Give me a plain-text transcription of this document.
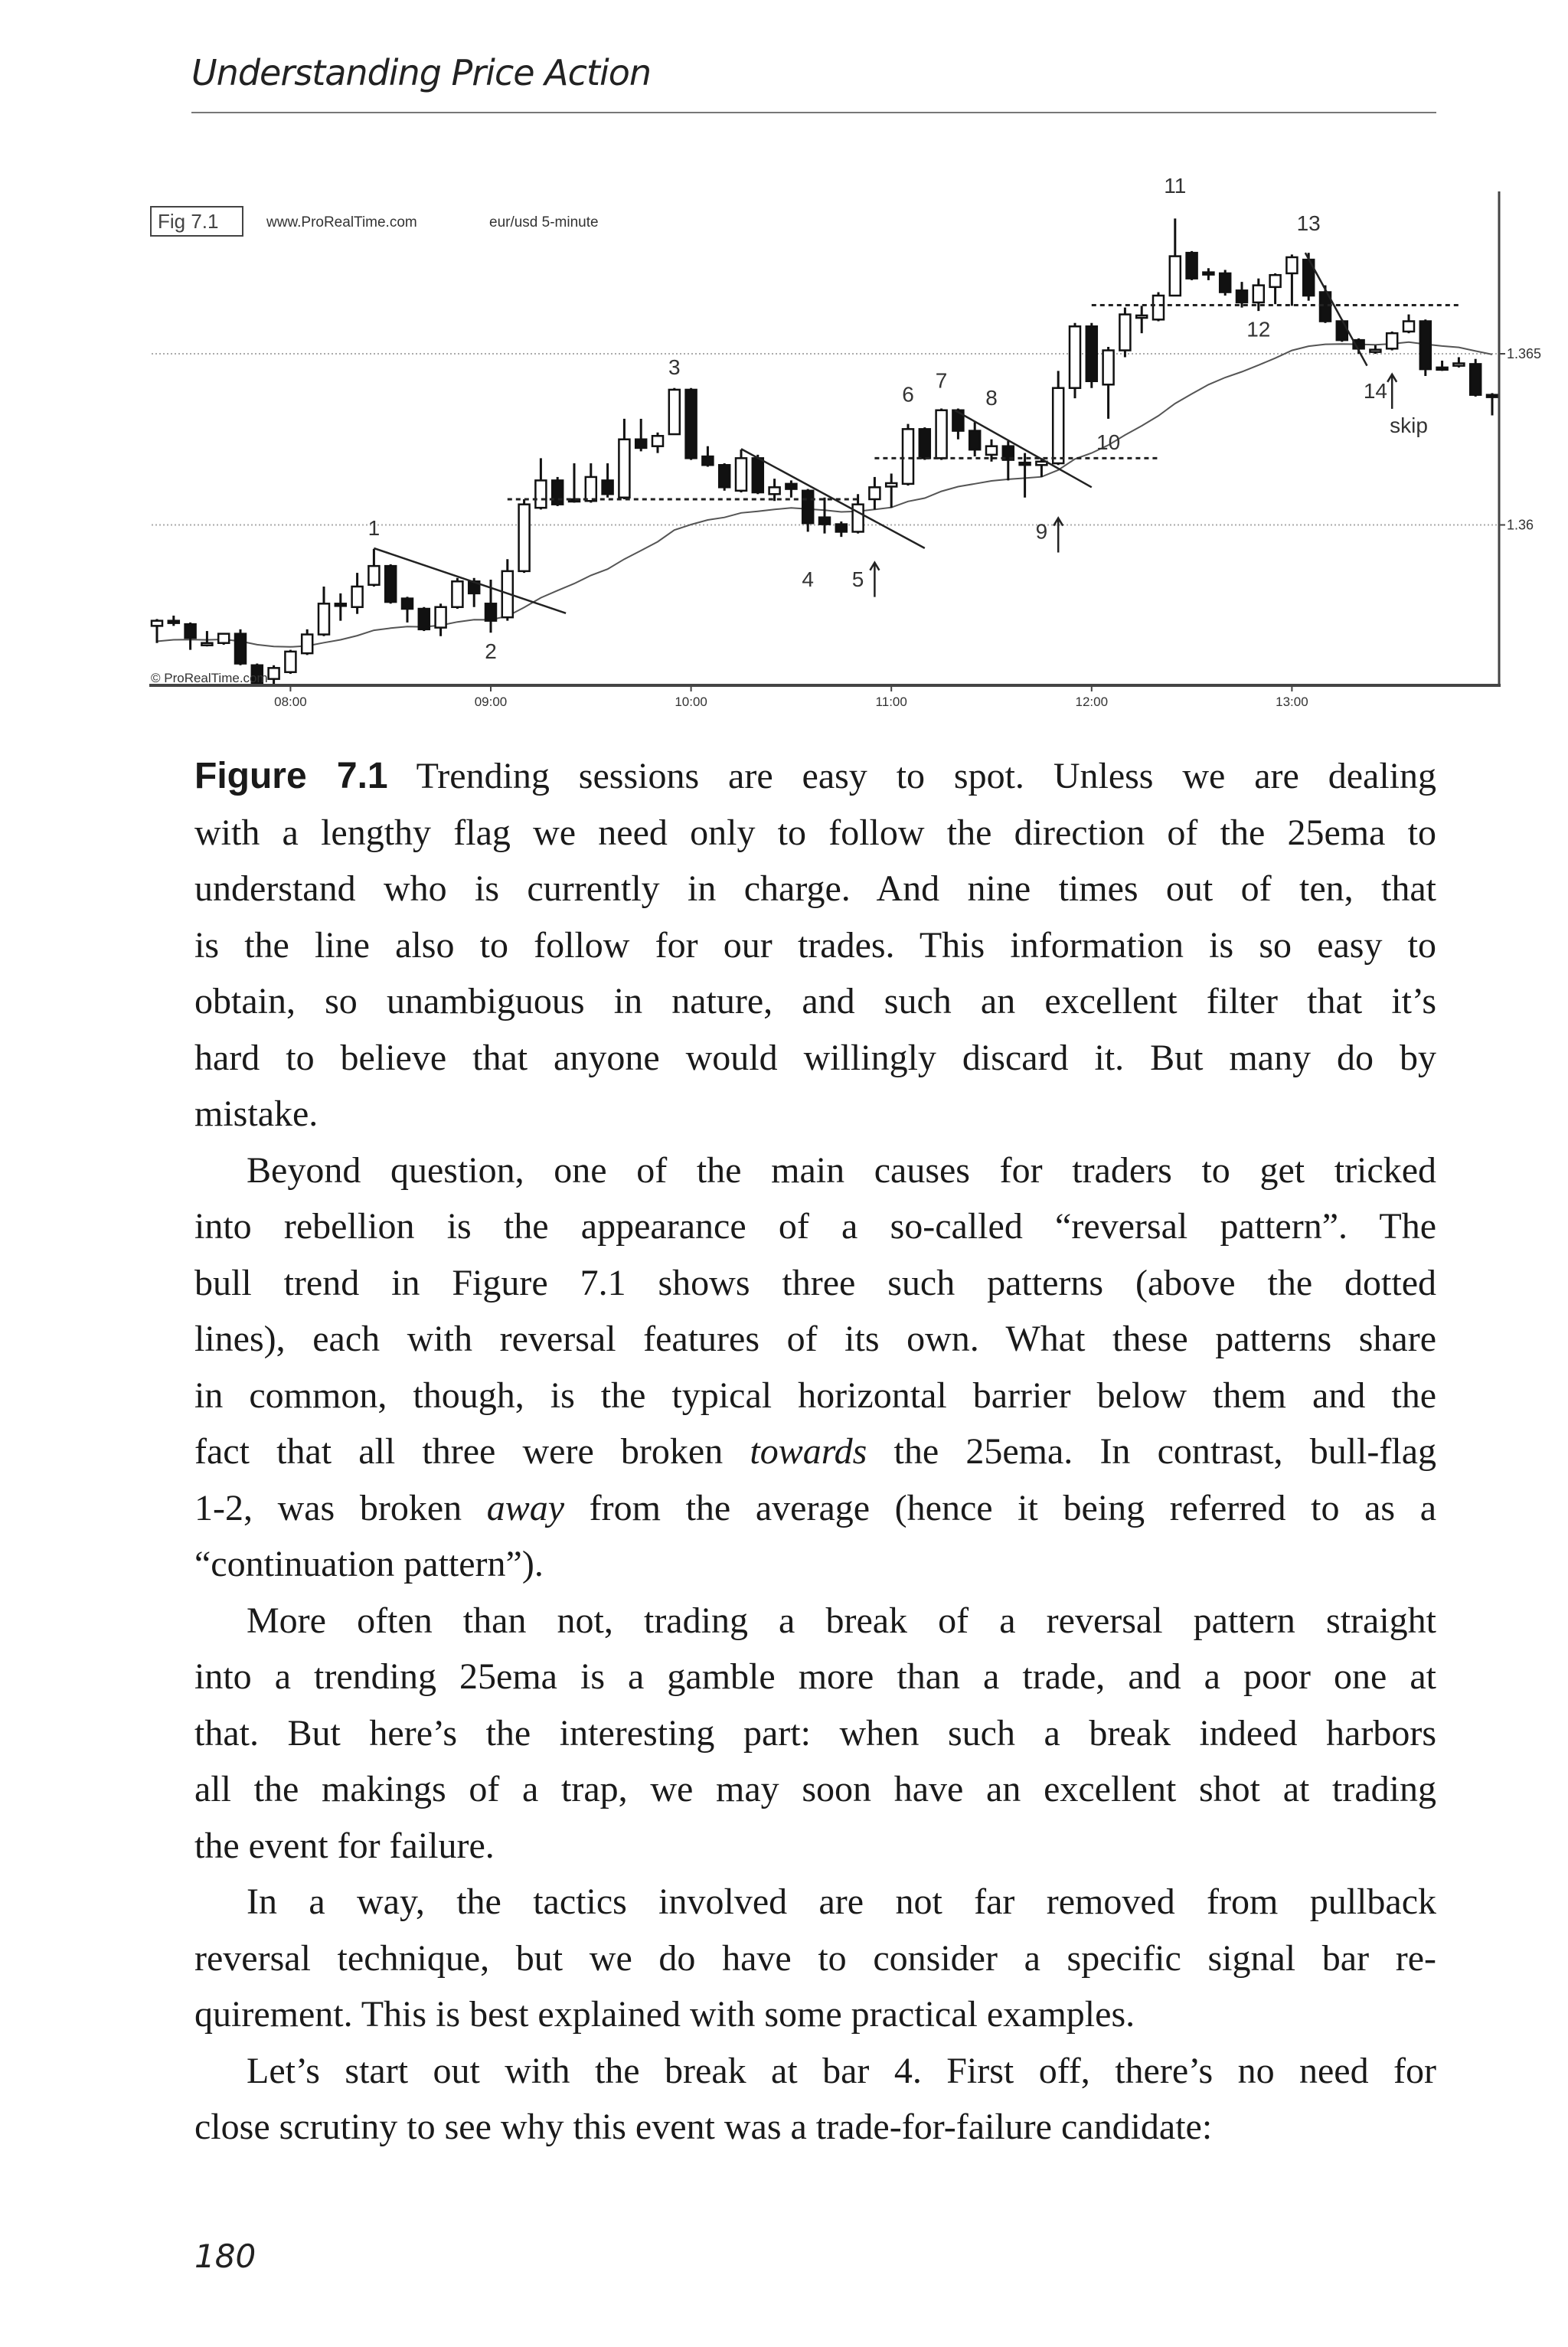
Understanding Price Action
Fig 7.1	www.ProRealTime.com	eur/usd 5-minute
1
2
3
4 5
6
7
8
9
10
11
12
13
14
skip
© ProRealTime.com
1.365
1.36
08:00	09:00	10:00	11:00	12:00	13:00
Figure 7.1 Trending sessions are easy to spot. Unless we are dealing
with a lengthy flag we need only to follow the direction of the 25ema to
understand who is currently in charge. And nine times out of ten, that
is the line also to follow for our trades. This information is so easy to
obtain, so unambiguous in nature, and such an excellent filter that it’s
hard to believe that anyone would willingly discard it. But many do by
mistake.
Beyond question, one of the main causes for traders to get tricked
into rebellion is the appearance of a so-called “reversal pattern”. The
bull trend in Figure 7.1 shows three such patterns (above the dotted
lines), each with reversal features of its own. What these patterns share
in common, though, is the typical horizontal barrier below them and the
fact that all three were broken towards the 25ema. In contrast, bull-flag
1-2, was broken away from the average (hence it being referred to as a
“continuation pattern”).
More often than not, trading a break of a reversal pattern straight
into a trending 25ema is a gamble more than a trade, and a poor one at
that. But here’s the interesting part: when such a break indeed harbors
all the makings of a trap, we may soon have an excellent shot at trading
the event for failure.
In a way, the tactics involved are not far removed from pullback
reversal technique, but we do have to consider a specific signal bar re-
quirement. This is best explained with some practical examples.
Let’s start out with the break at bar 4. First off, there’s no need for
close scrutiny to see why this event was a trade-for-failure candidate:
180
